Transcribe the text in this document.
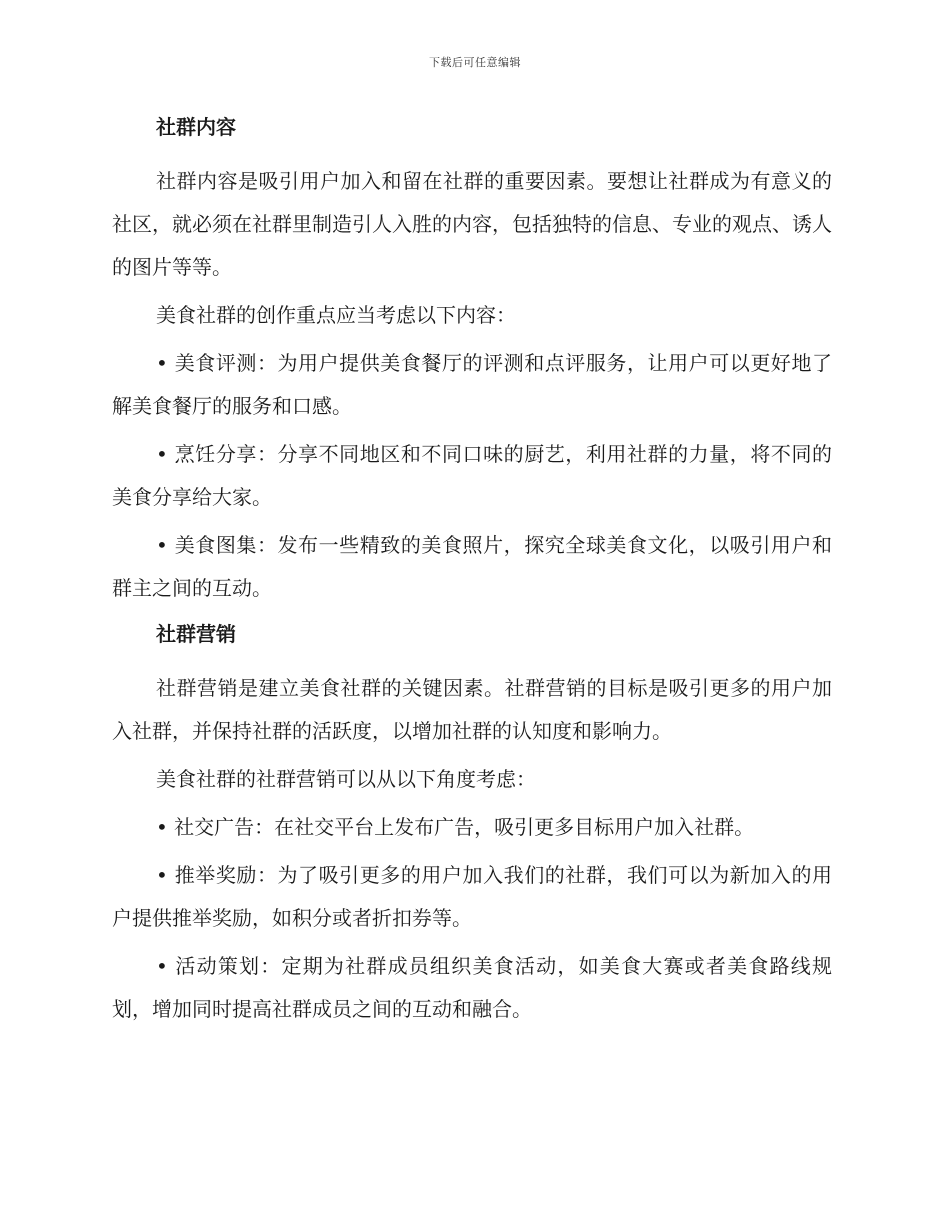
下载后可任意编辑
社群内容

社群内容是吸引用户加入和留在社群的重要因素。要想让社群成为有意义的社区，就必须在社群里制造引人入胜的内容，包括独特的信息、专业的观点、诱人的图片等等。

美食社群的创作重点应当考虑以下内容：

• 美食评测：为用户提供美食餐厅的评测和点评服务，让用户可以更好地了解美食餐厅的服务和口感。

• 烹饪分享：分享不同地区和不同口味的厨艺，利用社群的力量，将不同的美食分享给大家。

• 美食图集：发布一些精致的美食照片，探究全球美食文化，以吸引用户和群主之间的互动。

社群营销

社群营销是建立美食社群的关键因素。社群营销的目标是吸引更多的用户加入社群，并保持社群的活跃度，以增加社群的认知度和影响力。

美食社群的社群营销可以从以下角度考虑：

• 社交广告：在社交平台上发布广告，吸引更多目标用户加入社群。

• 推举奖励：为了吸引更多的用户加入我们的社群，我们可以为新加入的用户提供推举奖励，如积分或者折扣券等。

• 活动策划：定期为社群成员组织美食活动，如美食大赛或者美食路线规划，增加同时提高社群成员之间的互动和融合。
